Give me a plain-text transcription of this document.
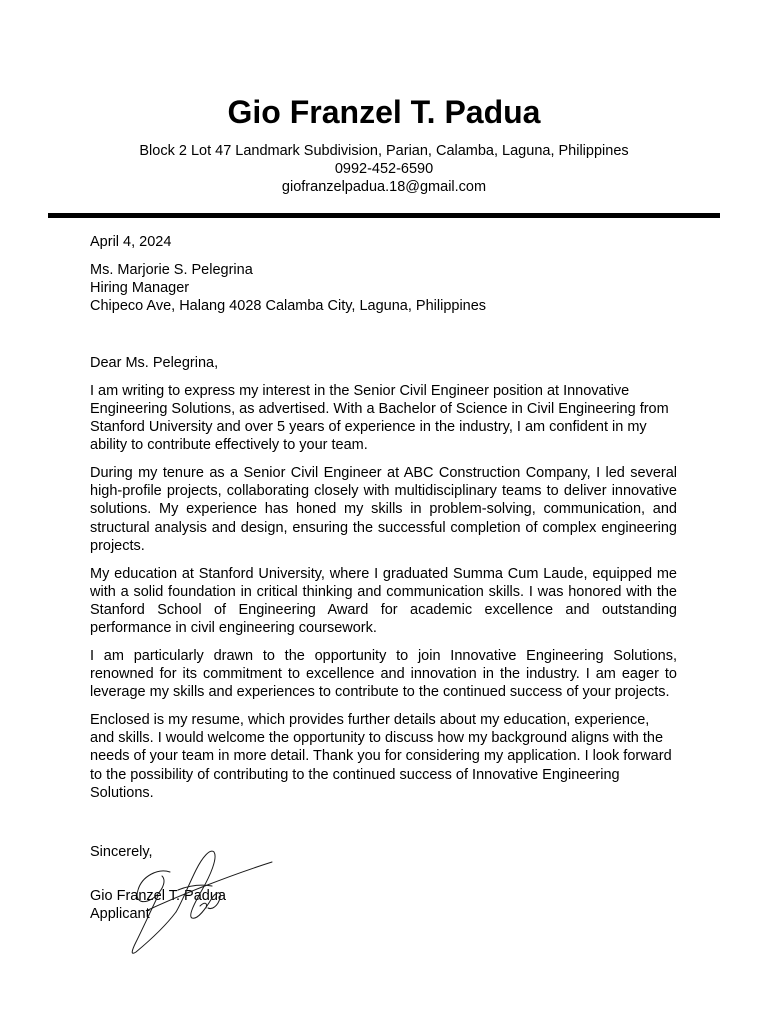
Gio Franzel T. Padua
Block 2 Lot 47 Landmark Subdivision, Parian, Calamba, Laguna, Philippines
0992-452-6590
giofranzelpadua.18@gmail.com
April 4, 2024
Ms. Marjorie S. Pelegrina
Hiring Manager
Chipeco Ave, Halang 4028 Calamba City, Laguna, Philippines

Dear Ms. Pelegrina,

I am writing to express my interest in the Senior Civil Engineer position at Innovative Engineering Solutions, as advertised. With a Bachelor of Science in Civil Engineering from Stanford University and over 5 years of experience in the industry, I am confident in my ability to contribute effectively to your team.

During my tenure as a Senior Civil Engineer at ABC Construction Company, I led several high-profile projects, collaborating closely with multidisciplinary teams to deliver innovative solutions. My experience has honed my skills in problem-solving, communication, and structural analysis and design, ensuring the successful completion of complex engineering projects.

My education at Stanford University, where I graduated Summa Cum Laude, equipped me with a solid foundation in critical thinking and communication skills. I was honored with the Stanford School of Engineering Award for academic excellence and outstanding performance in civil engineering coursework.

I am particularly drawn to the opportunity to join Innovative Engineering Solutions, renowned for its commitment to excellence and innovation in the industry. I am eager to leverage my skills and experiences to contribute to the continued success of your projects.

Enclosed is my resume, which provides further details about my education, experience, and skills. I would welcome the opportunity to discuss how my background aligns with the needs of your team in more detail. Thank you for considering my application. I look forward to the possibility of contributing to the continued success of Innovative Engineering Solutions.

Sincerely,
Gio Franzel T. Padua
Applicant
